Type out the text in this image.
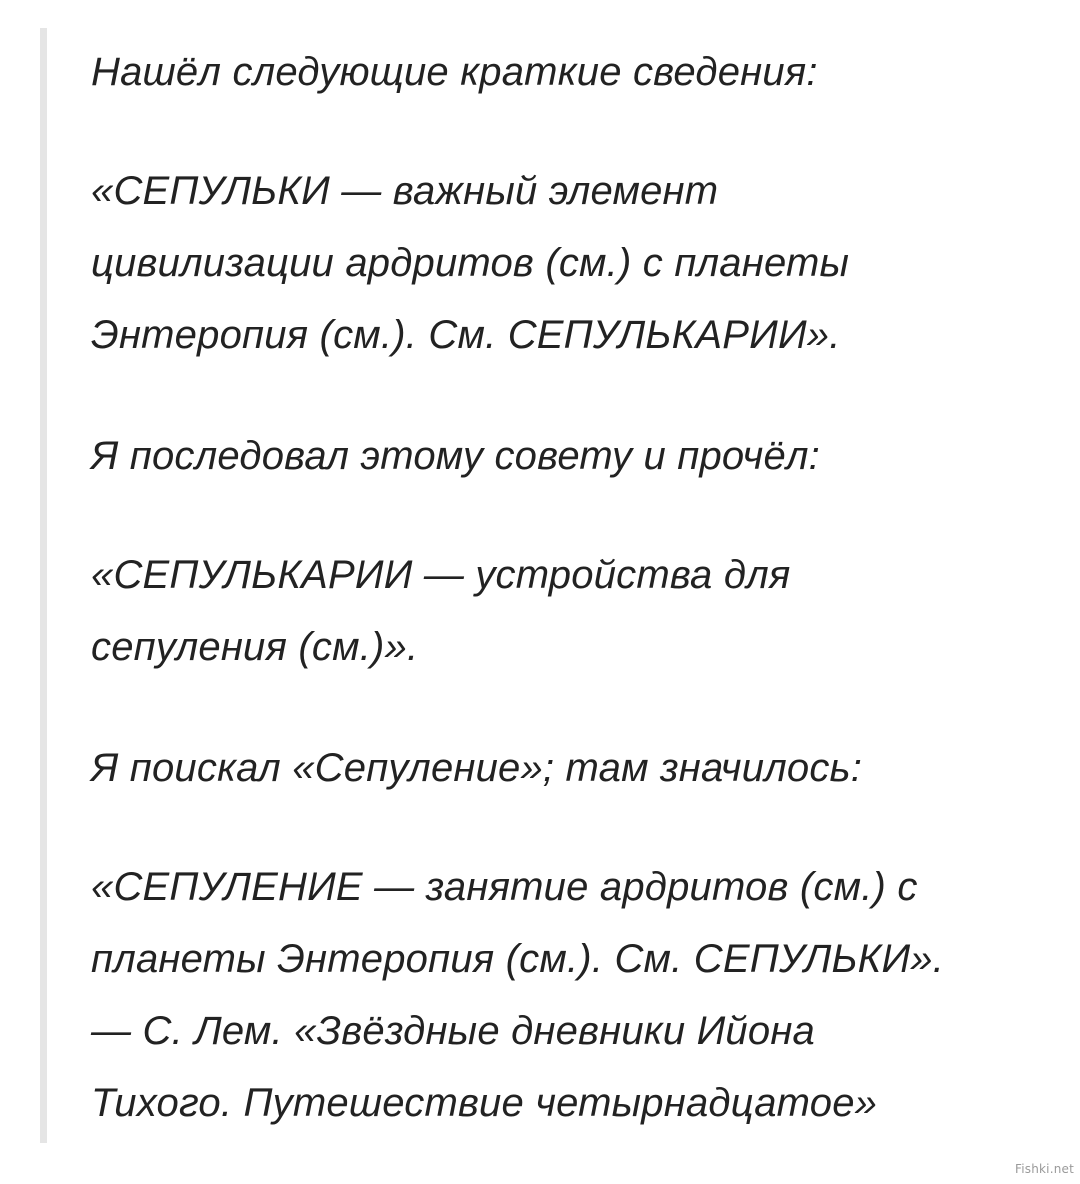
Нашёл следующие краткие сведения:
«СЕПУЛЬКИ — важный элемент
цивилизации ардритов (см.) с планеты
Энтеропия (см.). См. СЕПУЛЬКАРИИ».
Я последовал этому совету и прочёл:
«СЕПУЛЬКАРИИ — устройства для
сепуления (см.)».
Я поискал «Сепуление»; там значилось:
«СЕПУЛЕНИЕ — занятие ардритов (см.) с
планеты Энтеропия (см.). См. СЕПУЛЬКИ».
— С. Лем. «Звёздные дневники Ийона
Тихого. Путешествие четырнадцатое»
Fishki.net
